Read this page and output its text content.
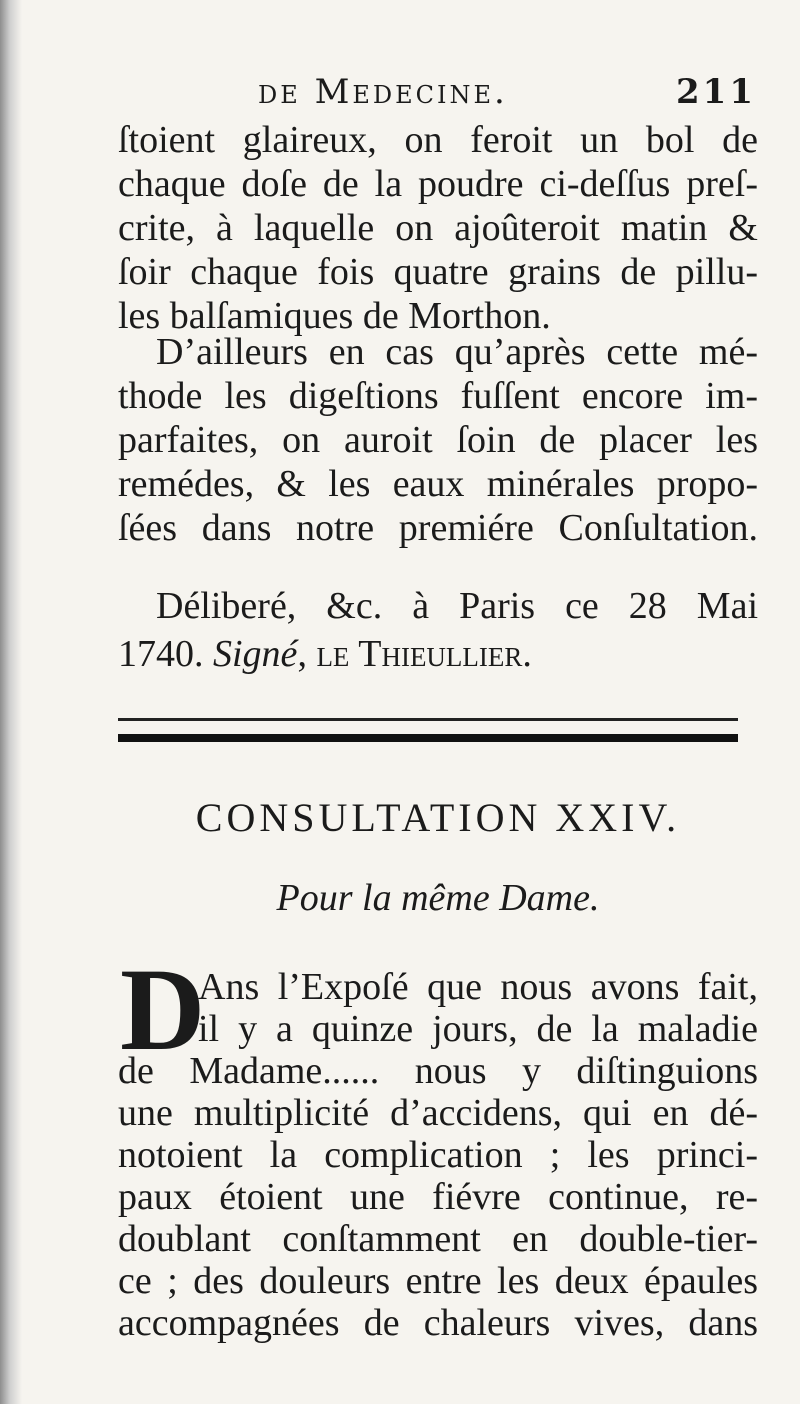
de Medecine.	211
ſtoient glaireux, on feroit un bol de
chaque doſe de la poudre ci-deſſus preſ-
crite, à laquelle on ajoûteroit matin &
ſoir chaque fois quatre grains de pillu-
les balſamiques de Morthon.
D’ailleurs en cas qu’après cette mé-
thode les digeſtions fuſſent encore im-
parfaites, on auroit ſoin de placer les
remédes, & les eaux minérales propo-
ſées dans notre premiére Conſultation.
Déliberé, &c. à Paris ce 28 Mai
1740. Signé, le Thieullier.
CONSULTATION XXIV.
Pour la même Dame.
D
Ans l’Expoſé que nous avons fait,
il y a quinze jours, de la maladie
de Madame...... nous y diſtinguions
une multiplicité d’accidens, qui en dé-
notoient la complication ; les princi-
paux étoient une fiévre continue, re-
doublant conſtamment en double-tier-
ce ; des douleurs entre les deux épaules
accompagnées de chaleurs vives, dans
